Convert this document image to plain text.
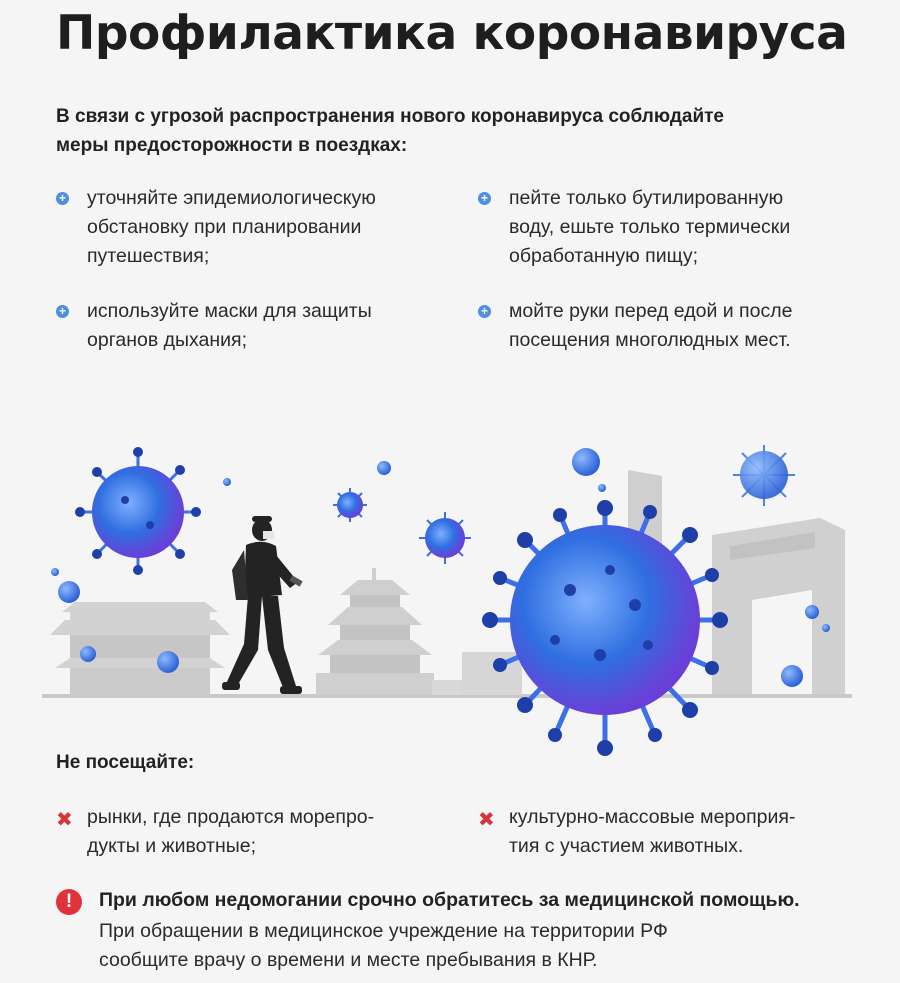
Профилактика коронавируса
В связи с угрозой распространения нового коронавируса соблюдайте
меры предосторожности в поездках:
+ уточняйте эпидемиологическую
обстановку при планировании
путешествия;
+ пейте только бутилированную
воду, ешьте только термически
обработанную пищу;
+ используйте маски для защиты
органов дыхания;
+ мойте руки перед едой и после
посещения многолюдных мест.
Не посещайте:
✖ рынки, где продаются морепро-
дукты и животные;
✖ культурно-массовые мероприя-
тия с участием животных.
!	При любом недомогании срочно обратитесь за медицинской помощью.
При обращении в медицинское учреждение на территории РФ
сообщите врачу о времени и месте пребывания в КНР.
